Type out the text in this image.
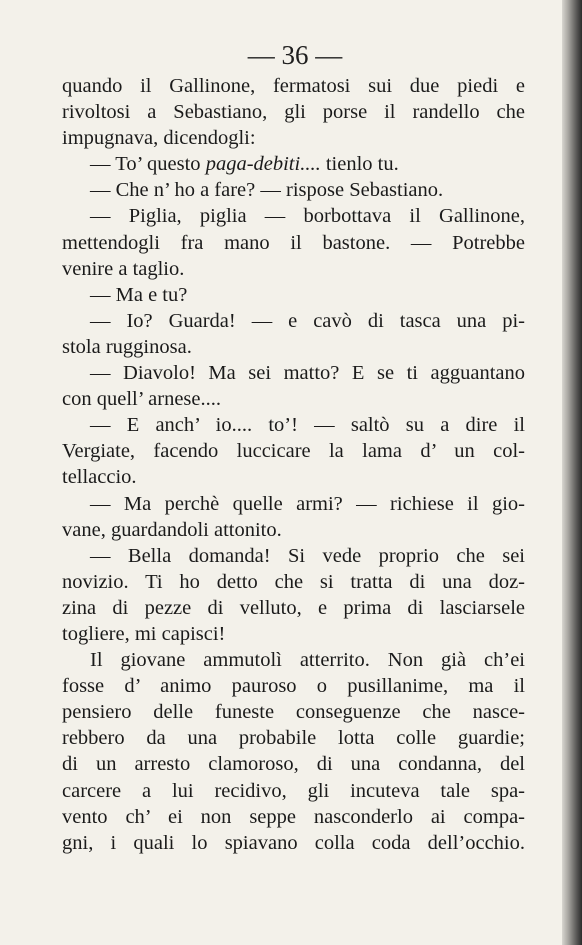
— 36 —
quando il Gallinone, fermatosi sui due piedi e
rivoltosi a Sebastiano, gli porse il randello che
impugnava, dicendogli:
— To’ questo paga-debiti.... tienlo tu.
— Che n’ ho a fare? — rispose Sebastiano.
— Piglia, piglia — borbottava il Gallinone,
mettendogli fra mano il bastone. — Potrebbe
venire a taglio.
— Ma e tu?
— Io? Guarda! — e cavò di tasca una pi-
stola rugginosa.
— Diavolo! Ma sei matto? E se ti agguantano
con quell’ arnese....
— E anch’ io.... to’! — saltò su a dire il
Vergiate, facendo luccicare la lama d’ un col-
tellaccio.
— Ma perchè quelle armi? — richiese il gio-
vane, guardandoli attonito.
— Bella domanda! Si vede proprio che sei
novizio. Ti ho detto che si tratta di una doz-
zina di pezze di velluto, e prima di lasciarsele
togliere, mi capisci!
Il giovane ammutolì atterrito. Non già ch’ei
fosse d’ animo pauroso o pusillanime, ma il
pensiero delle funeste conseguenze che nasce-
rebbero da una probabile lotta colle guardie;
di un arresto clamoroso, di una condanna, del
carcere a lui recidivo, gli incuteva tale spa-
vento ch’ ei non seppe nasconderlo ai compa-
gni, i quali lo spiavano colla coda dell’occhio.
